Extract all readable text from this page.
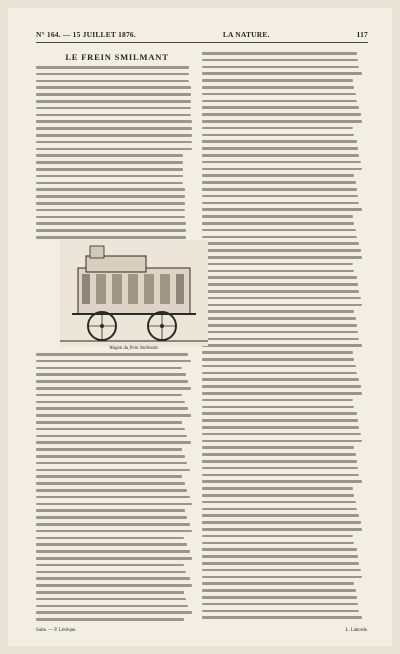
N° 164. — 15 JUILLET 1876.	LA NATURE.	117
LE FREIN SMILMANT
Wagon du frein Smilmant.
Suite. — P. Lévêque.	L. Laborde.
